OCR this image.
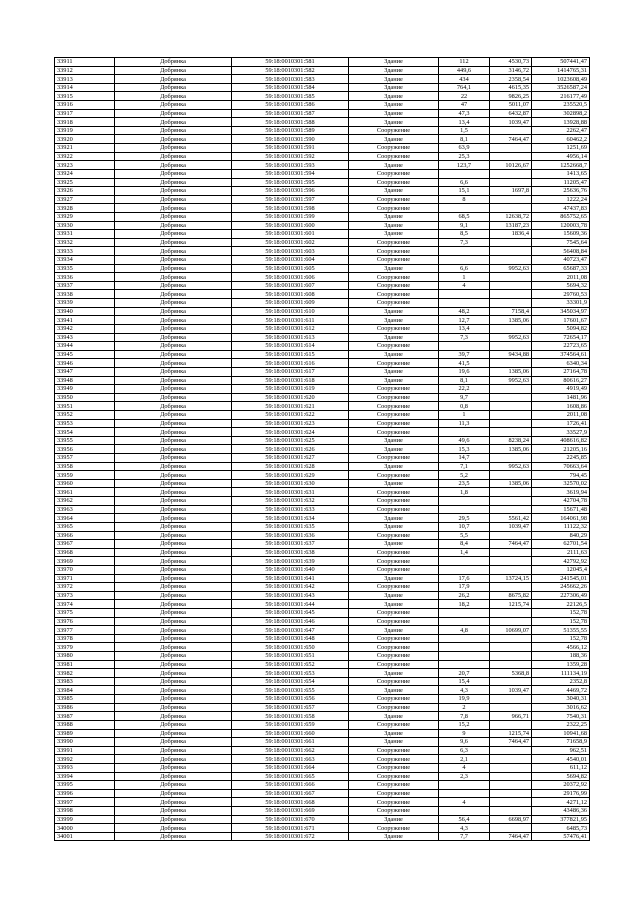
33911	Добрянка	59:18:0010301:581	Здание	112	4530,73	507441,47
33912	Добрянка	59:18:0010301:582	Здание	449,6	3146,72	1414765,31
33913	Добрянка	59:18:0010301:583	Здание	434	2358,54	1023608,49
33914	Добрянка	59:18:0010301:584	Здание	764,1	4615,35	3526587,24
33915	Добрянка	59:18:0010301:585	Здание	22	9826,25	216177,49
33916	Добрянка	59:18:0010301:586	Здание	47	5011,07	235520,5
33917	Добрянка	59:18:0010301:587	Здание	47,3	6432,87	302898,2
33918	Добрянка	59:18:0010301:588	Здание	13,4	1039,47	13928,88
33919	Добрянка	59:18:0010301:589	Сооружение	1,5		2262,47
33920	Добрянка	59:18:0010301:590	Здание	8,1	7464,47	60462,2
33921	Добрянка	59:18:0010301:591	Сооружение	63,9		1251,69
33922	Добрянка	59:18:0010301:592	Сооружение	25,3		4956,14
33923	Добрянка	59:18:0010301:593	Здание	123,7	10126,67	1252668,7
33924	Добрянка	59:18:0010301:594	Сооружение			1413,65
33925	Добрянка	59:18:0010301:595	Сооружение	6,6		11205,47
33926	Добрянка	59:18:0010301:596	Здание	15,1	1697,8	25636,76
33927	Добрянка	59:18:0010301:597	Сооружение	8		1222,24
33928	Добрянка	59:18:0010301:598	Сооружение			47437,83
33929	Добрянка	59:18:0010301:599	Здание	68,5	12638,72	865752,65
33930	Добрянка	59:18:0010301:600	Здание	9,1	13187,23	120003,78
33931	Добрянка	59:18:0010301:601	Здание	8,5	1836,4	15609,36
33932	Добрянка	59:18:0010301:602	Сооружение	7,3		7545,64
33933	Добрянка	59:18:0010301:603	Сооружение			56408,84
33934	Добрянка	59:18:0010301:604	Сооружение			40723,47
33935	Добрянка	59:18:0010301:605	Здание	6,6	9952,63	65687,33
33936	Добрянка	59:18:0010301:606	Сооружение	1		2011,08
33937	Добрянка	59:18:0010301:607	Сооружение	4		5694,32
33938	Добрянка	59:18:0010301:608	Сооружение			29760,53
33939	Добрянка	59:18:0010301:609	Сооружение			33301,9
33940	Добрянка	59:18:0010301:610	Здание	48,2	7158,4	345034,97
33941	Добрянка	59:18:0010301:611	Здание	12,7	1385,06	17601,67
33942	Добрянка	59:18:0010301:612	Сооружение	13,4		5094,82
33943	Добрянка	59:18:0010301:613	Здание	7,3	9952,63	72654,17
33944	Добрянка	59:18:0010301:614	Сооружение			22723,65
33945	Добрянка	59:18:0010301:615	Здание	39,7	9434,88	374564,61
33946	Добрянка	59:18:0010301:616	Сооружение	41,5		6340,34
33947	Добрянка	59:18:0010301:617	Здание	19,6	1385,06	27164,78
33948	Добрянка	59:18:0010301:618	Здание	8,1	9952,63	80616,27
33949	Добрянка	59:18:0010301:619	Сооружение	22,2		4919,49
33950	Добрянка	59:18:0010301:620	Сооружение	9,7		1481,96
33951	Добрянка	59:18:0010301:621	Сооружение	0,8		1608,86
33952	Добрянка	59:18:0010301:622	Сооружение	1		2011,08
33953	Добрянка	59:18:0010301:623	Сооружение	11,3		1726,41
33954	Добрянка	59:18:0010301:624	Сооружение			33527,9
33955	Добрянка	59:18:0010301:625	Здание	49,6	8238,24	408616,82
33956	Добрянка	59:18:0010301:626	Здание	15,3	1385,06	21205,16
33957	Добрянка	59:18:0010301:627	Сооружение	14,7		2245,85
33958	Добрянка	59:18:0010301:628	Здание	7,1	9952,63	70663,64
33959	Добрянка	59:18:0010301:629	Сооружение	5,2		794,45
33960	Добрянка	59:18:0010301:630	Здание	23,5	1385,06	32570,02
33961	Добрянка	59:18:0010301:631	Сооружение	1,8		3619,94
33962	Добрянка	59:18:0010301:632	Сооружение			42704,78
33963	Добрянка	59:18:0010301:633	Сооружение			15671,48
33964	Добрянка	59:18:0010301:634	Здание	29,5	5561,42	164061,98
33965	Добрянка	59:18:0010301:635	Здание	10,7	1039,47	11122,32
33966	Добрянка	59:18:0010301:636	Сооружение	5,5		840,29
33967	Добрянка	59:18:0010301:637	Здание	8,4	7464,47	62701,54
33968	Добрянка	59:18:0010301:638	Сооружение	1,4		2111,63
33969	Добрянка	59:18:0010301:639	Сооружение			42792,92
33970	Добрянка	59:18:0010301:640	Сооружение			12045,4
33971	Добрянка	59:18:0010301:641	Здание	17,6	13724,15	241545,01
33972	Добрянка	59:18:0010301:642	Сооружение	17,9		245662,26
33973	Добрянка	59:18:0010301:643	Здание	26,2	8675,82	227306,49
33974	Добрянка	59:18:0010301:644	Здание	18,2	1215,74	22126,5
33975	Добрянка	59:18:0010301:645	Сооружение			152,78
33976	Добрянка	59:18:0010301:646	Сооружение			152,78
33977	Добрянка	59:18:0010301:647	Здание	4,8	10699,07	51355,55
33978	Добрянка	59:18:0010301:648	Сооружение			152,78
33979	Добрянка	59:18:0010301:650	Сооружение			4566,12
33980	Добрянка	59:18:0010301:651	Сооружение			188,36
33981	Добрянка	59:18:0010301:652	Сооружение			1359,28
33982	Добрянка	59:18:0010301:653	Здание	20,7	5368,8	111134,19
33983	Добрянка	59:18:0010301:654	Сооружение	15,4		2352,8
33984	Добрянка	59:18:0010301:655	Здание	4,3	1039,47	4469,72
33985	Добрянка	59:18:0010301:656	Сооружение	19,9		3040,31
33986	Добрянка	59:18:0010301:657	Сооружение	2		3016,62
33987	Добрянка	59:18:0010301:658	Здание	7,8	966,71	7540,31
33988	Добрянка	59:18:0010301:659	Сооружение	15,2		2322,25
33989	Добрянка	59:18:0010301:660	Здание	9	1215,74	10941,68
33990	Добрянка	59:18:0010301:661	Здание	9,6	7464,47	71658,9
33991	Добрянка	59:18:0010301:662	Сооружение	6,3		962,51
33992	Добрянка	59:18:0010301:663	Сооружение	2,1		4540,01
33993	Добрянка	59:18:0010301:664	Сооружение	4		611,12
33994	Добрянка	59:18:0010301:665	Сооружение	2,3		5694,82
33995	Добрянка	59:18:0010301:666	Сооружение			20372,92
33996	Добрянка	59:18:0010301:667	Сооружение			29176,99
33997	Добрянка	59:18:0010301:668	Сооружение	4		4271,12
33998	Добрянка	59:18:0010301:669	Сооружение			43486,36
33999	Добрянка	59:18:0010301:670	Здание	56,4	6698,97	377821,95
34000	Добрянка	59:18:0010301:671	Сооружение	4,3		6485,73
34001	Добрянка	59:18:0010301:672	Здание	7,7	7464,47	57476,41
